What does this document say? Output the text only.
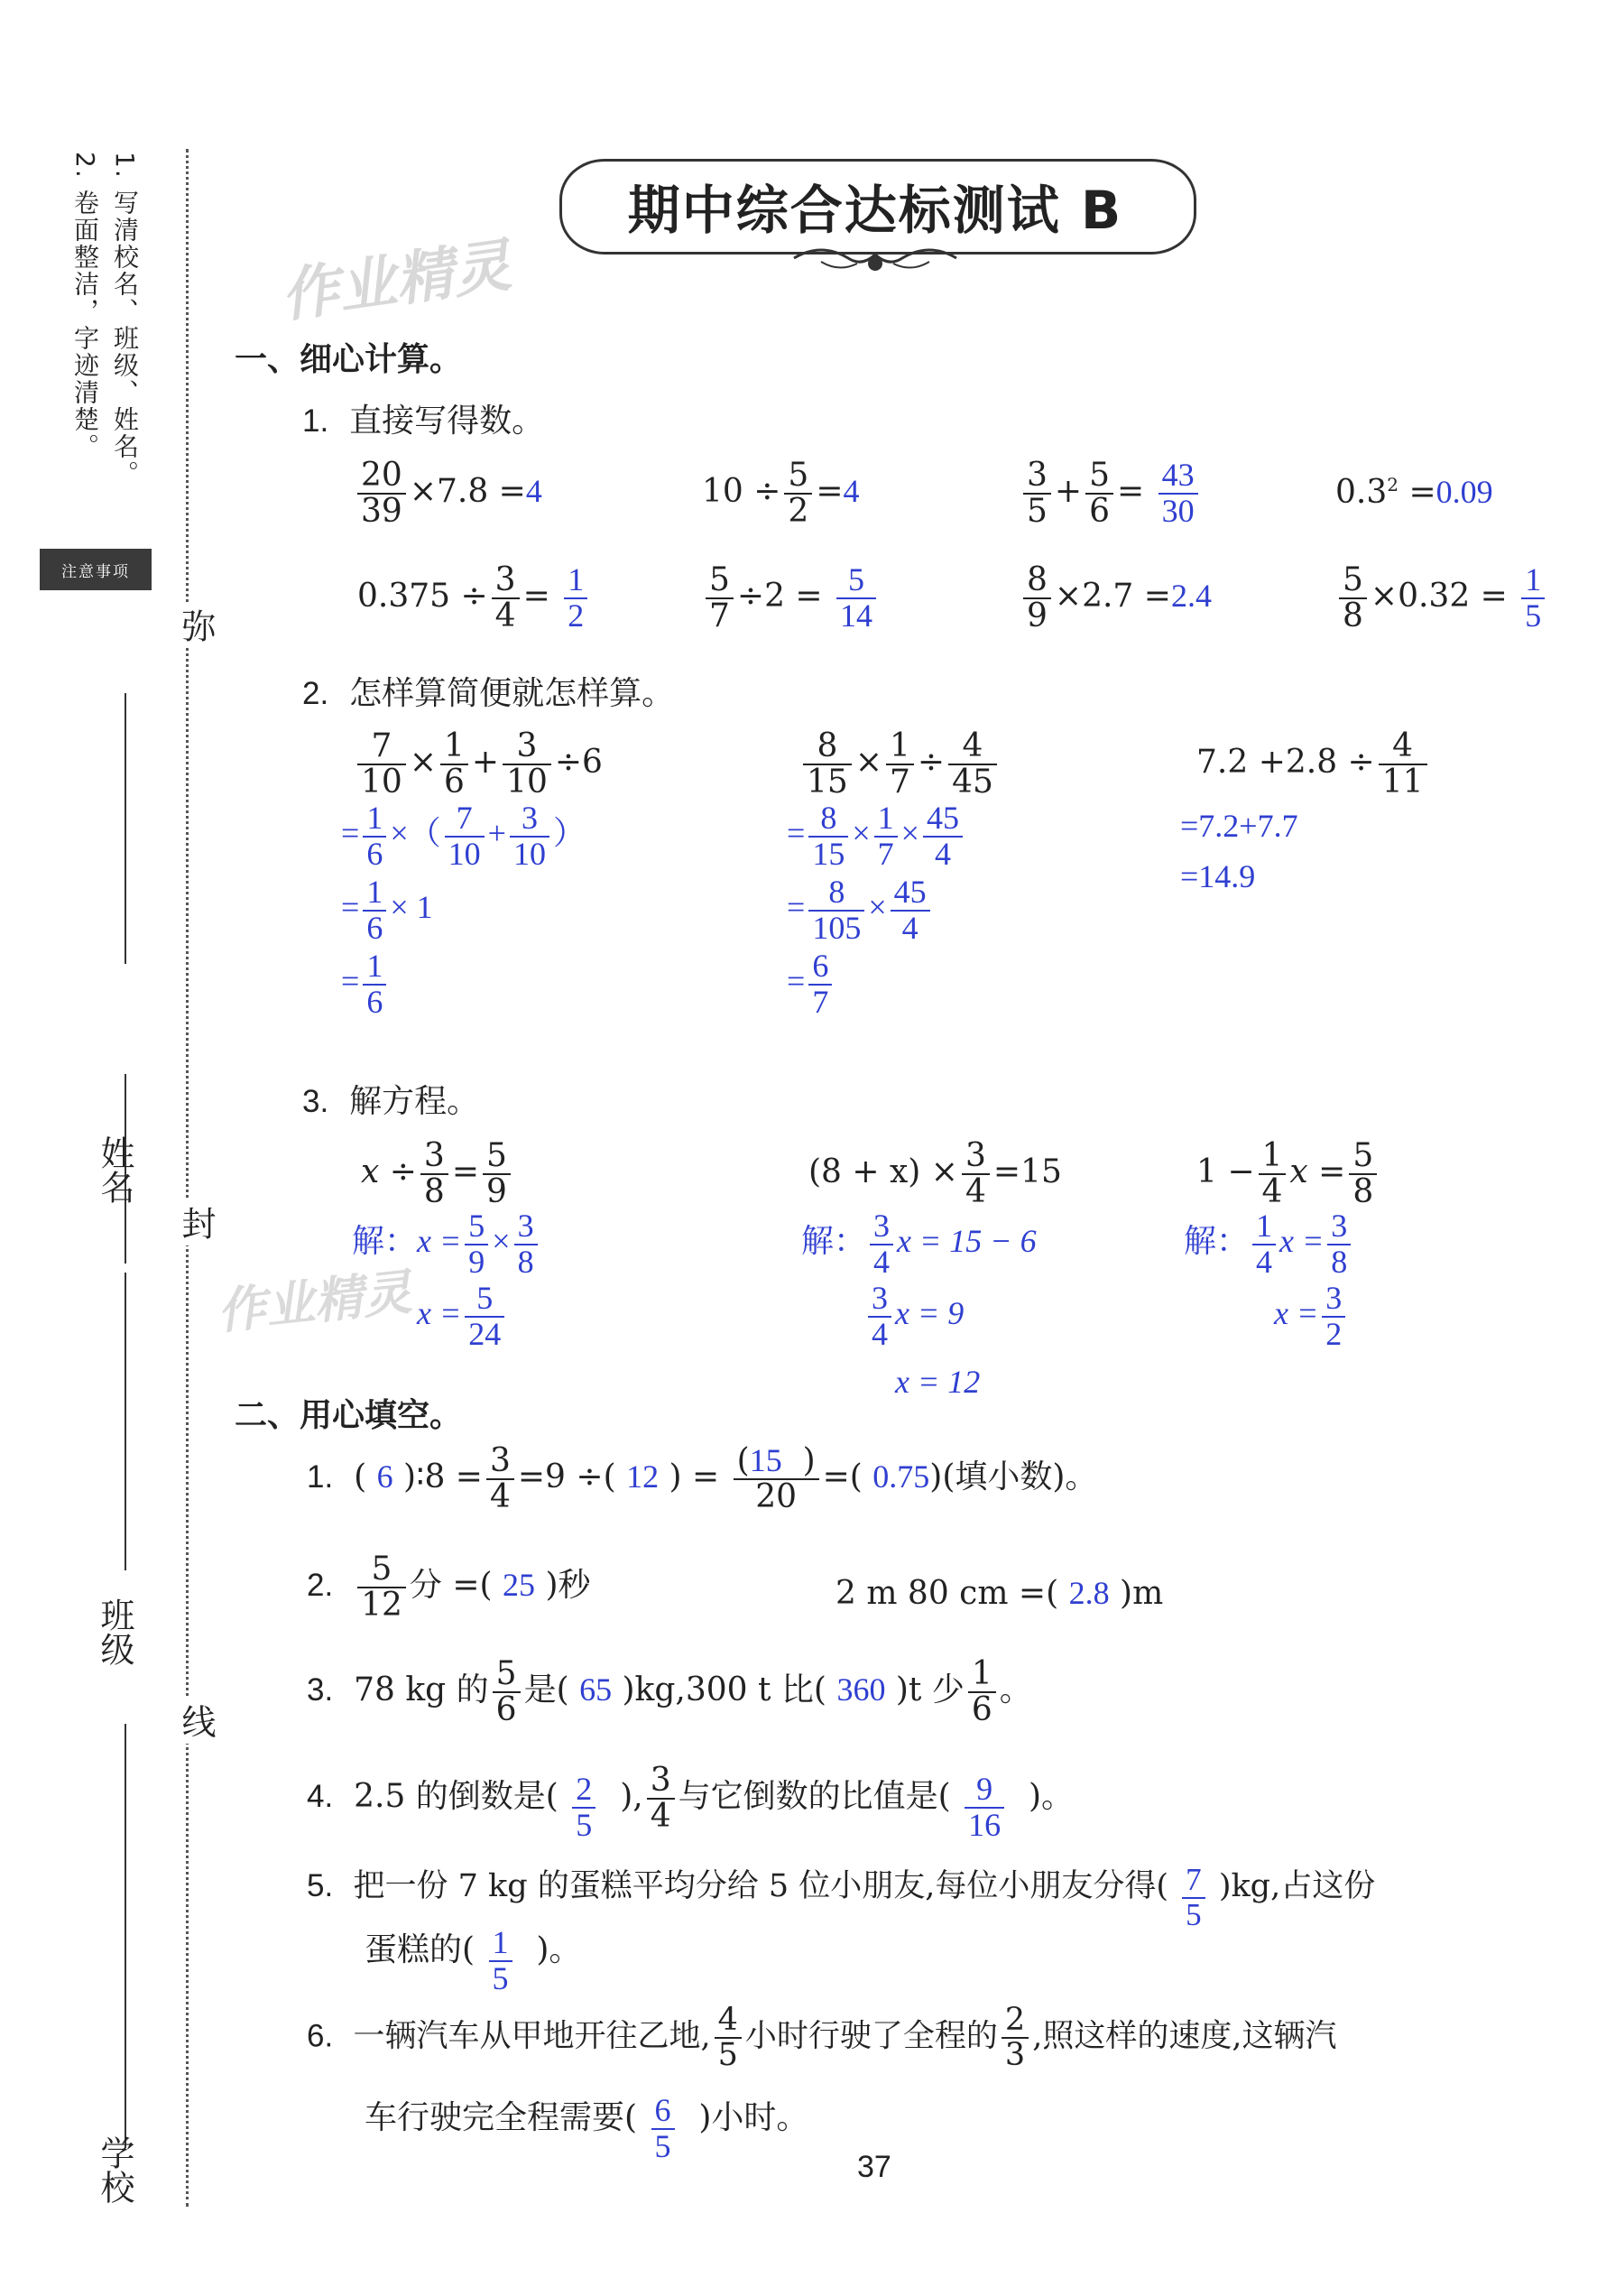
1. 写清校名、班级、姓名。
2. 卷面整洁，字迹清楚。
注意事项
弥
封
线
姓名
班级
学校
期中综合达标测试 B
作业精灵
作业精灵
一、细心计算。
1. 直接写得数。
$\frac{20}{39} \times 7.8 =4$	$10 \div \frac{5}{2} =4$	$\frac{3}{5} + \frac{5}{6} = \frac{43}{30}$	$0.3^2 =0.09$
$0.375 \div \frac{3}{4} = \frac{1}{2}$	$\frac{5}{7} \div 2 = \frac{5}{14}$	$\frac{8}{9} \times 2.7 =2.4$	$\frac{5}{8} \times 0.32 = \frac{1}{5}$
2. 怎样算简便就怎样算。
$\frac{7}{10} \times \frac{1}{6} + \frac{3}{10} \div 6$
= $\frac{1}{6}$ ×（ $\frac{7}{10} + \frac{3}{10}$ ）
= $\frac{1}{6} \times 1$
= $\frac{1}{6}$
$\frac{8}{15} \times \frac{1}{7} \div \frac{4}{45}$
= $\frac{8}{15} \times \frac{1}{7} \times \frac{45}{4}$
= $\frac{8}{105} \times \frac{45}{4}$
= $\frac{6}{7}$
$7.2 +2.8 \div \frac{4}{11}$
=7.2+7.7
=14.9
3. 解方程。
$x \div \frac{3}{8} = \frac{5}{9}$
解：$x = \frac{5}{9} \times \frac{3}{8}$
$x = \frac{5}{24}$
$(8 + x) \times \frac{3}{4} =15$
解： $\frac{3}{4}$ x = 15 − 6
$\frac{3}{4}$ x = 9
x = 12
$1 - \frac{1}{4}$ $x = \frac{5}{8}$
解： $\frac{1}{4}$ $x = \frac{3}{8}$
$x = \frac{3}{2}$
二、用心填空。
1. ( 6 )∶8 = $\frac{3}{4} =9$ ÷( 12 ) = $\frac{(15 )}{20}$ =( 0.75)(填小数)。
2. $\frac{5}{12}$ 分 =( 25 )秒	2 m 80 cm =( 2.8 )m
3. 78 kg 的 $\frac{5}{6}$ 是( 65 )kg,300 t 比( 360 )t 少 $\frac{1}{6}$ 。
4. 2.5 的倒数是( $\frac{2}{5}$ ), $\frac{3}{4}$ 与它倒数的比值是( $\frac{9}{16}$ )。
5. 把一份 7 kg 的蛋糕平均分给 5 位小朋友,每位小朋友分得( $\frac{7}{5} )kg$,占这份
蛋糕的( $\frac{1}{5}$ )。
6. 一辆汽车从甲地开往乙地, $\frac{4}{5}$ 小时行驶了全程的 $\frac{2}{3}$ ,照这样的速度,这辆汽
车行驶完全程需要( $\frac{6}{5}$ )小时。
37
